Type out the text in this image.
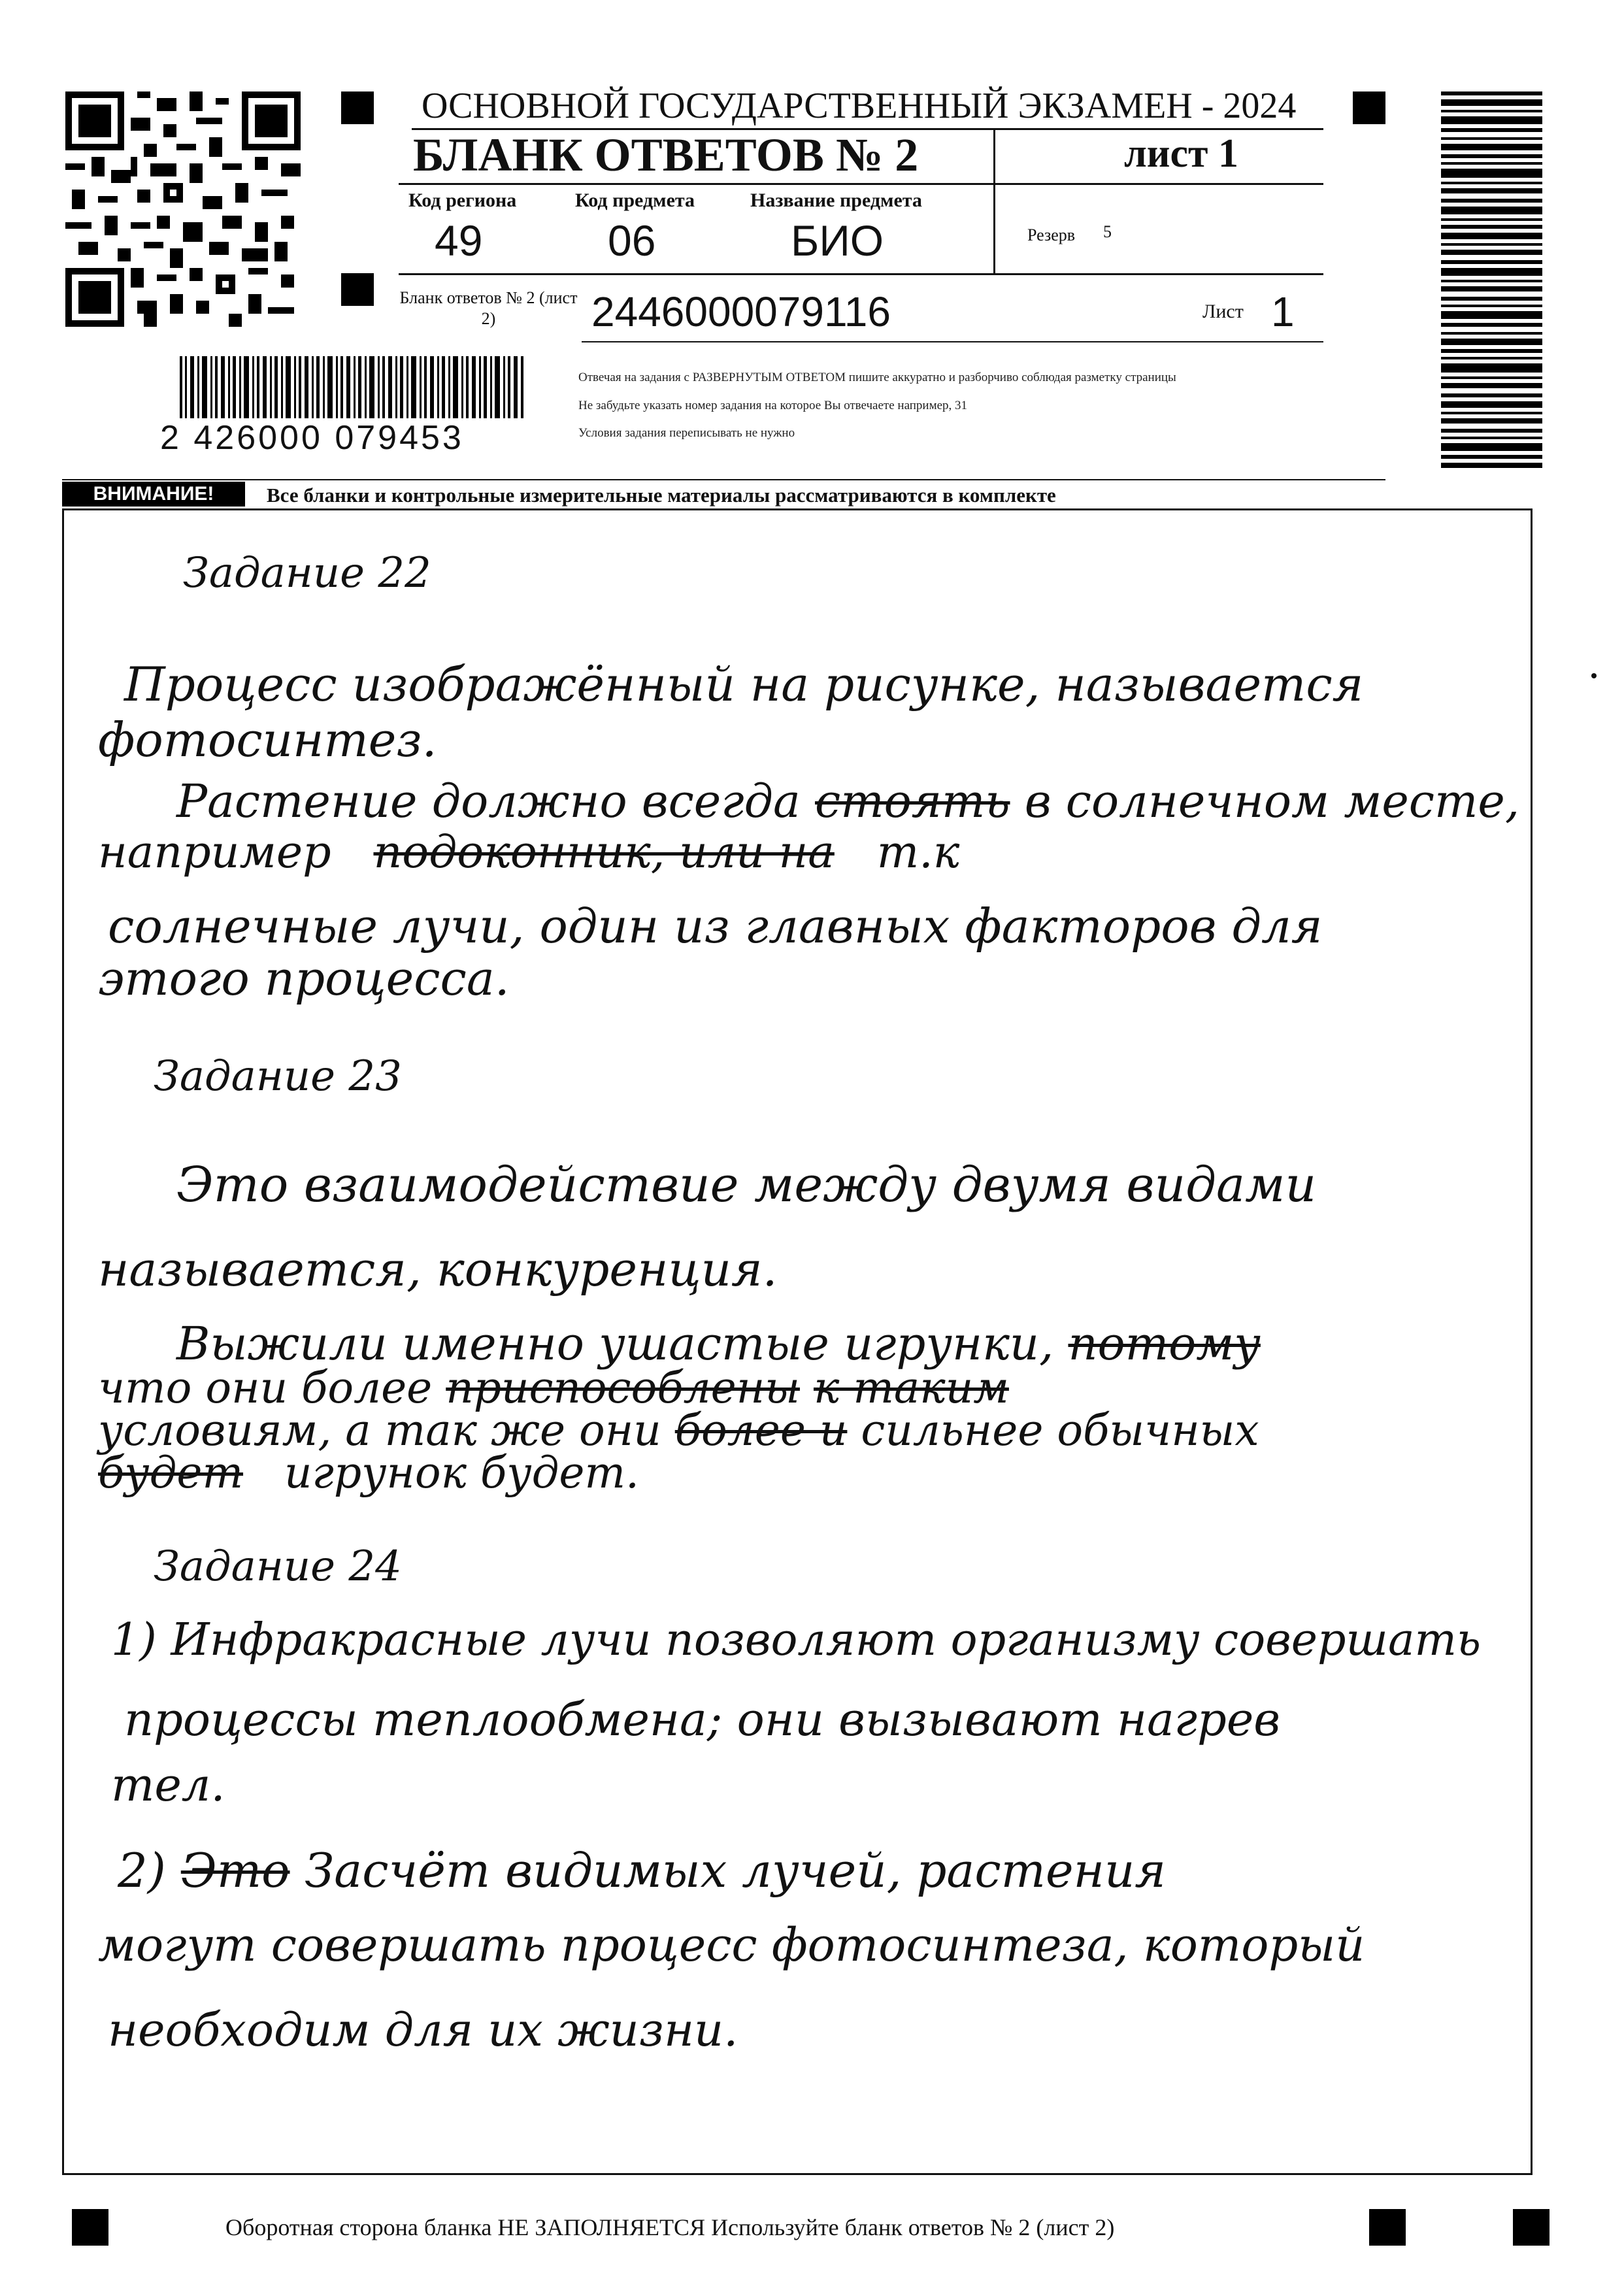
2 426000 079453
ОСНОВНОЙ ГОСУДАРСТВЕННЫЙ ЭКЗАМЕН - 2024
БЛАНК ОТВЕТОВ № 2	лист 1
Код региона	Код предмета	Название предмета
49	06	БИО	Резерв 5
Бланк ответов № 2 (лист 2)	2446000079116	Лист 1
Отвечая на задания с РАЗВЕРНУТЫМ ОТВЕТОМ пишите аккуратно и разборчиво соблюдая разметку страницы
Не забудьте указать номер задания на которое Вы отвечаете например, 31
Условия задания переписывать не нужно
ВНИМАНИЕ!	Все бланки и контрольные измерительные материалы рассматриваются в комплекте
Задание 22
Процесс изображённый на рисунке, называется
фотосинтез.
Растение должно всегда стоять в солнечном месте,
например подоконник, или на т.к
солнечные лучи, один из главных факторов для
этого процесса.
Задание 23
Это взаимодействие между двумя видами
называется, конкуренция.
Выжили именно ушастые игрунки, потому
что они более приспособлены к таким
условиям, а так же они более и сильнее обычных
будет игрунок будет.
Задание 24
1) Инфракрасные лучи позволяют организму совершать
процессы теплообмена; они вызывают нагрев
тел.
2) Это Засчёт видимых лучей, растения
могут совершать процесс фотосинтеза, который
необходим для их жизни.
Оборотная сторона бланка НЕ ЗАПОЛНЯЕТСЯ Используйте бланк ответов № 2 (лист 2)
